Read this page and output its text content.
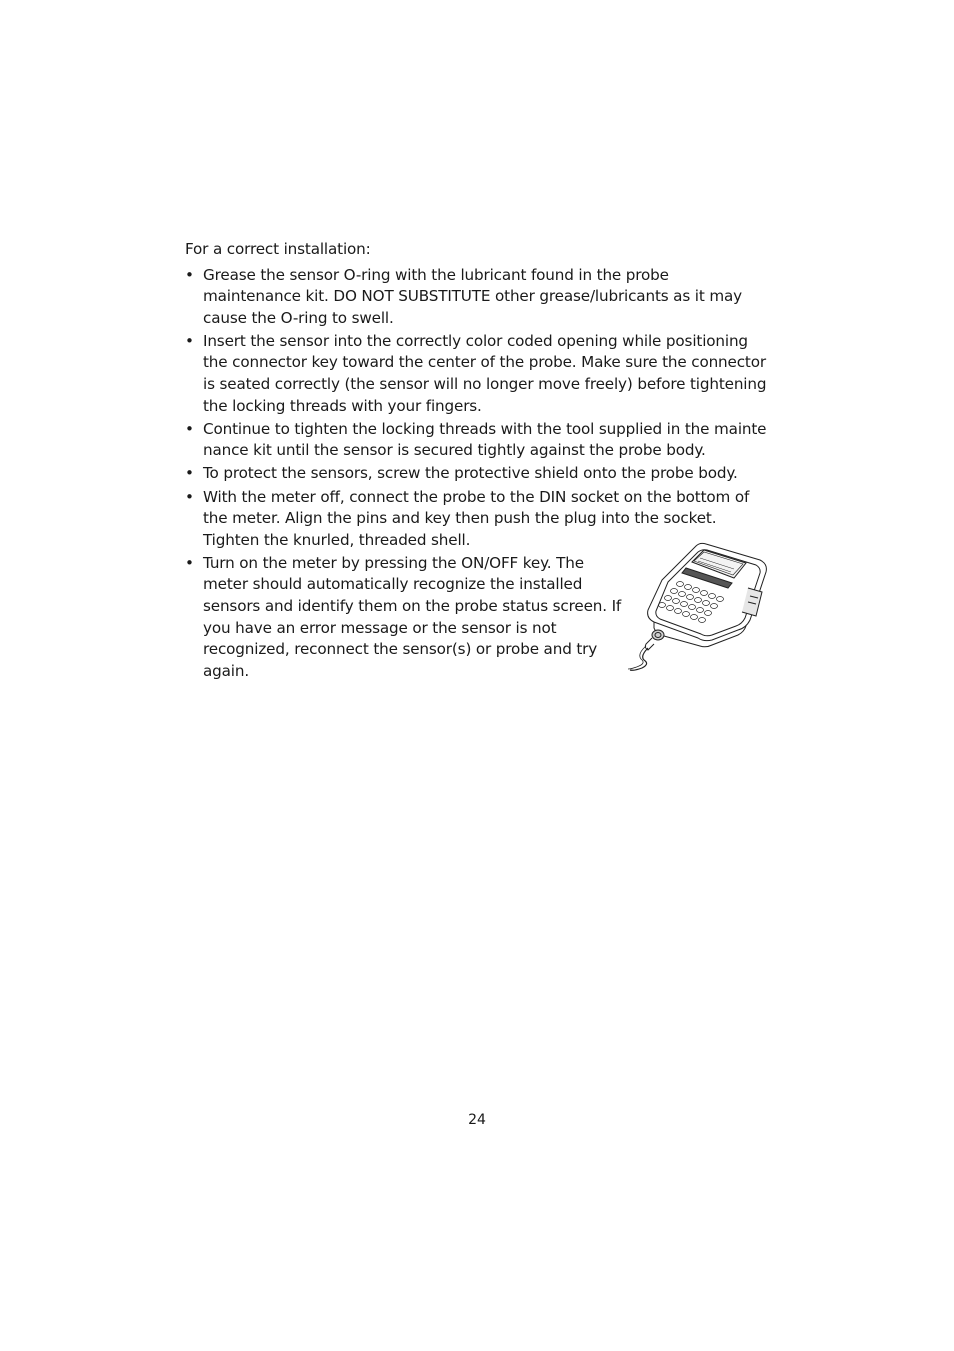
For a correct installation:

• Grease the sensor O-ring with the lubricant found in the probe maintenance kit. DO NOT SUBSTITUTE other grease/lubricants as it may cause the O-ring to swell.
• Insert the sensor into the correctly color coded opening while positioning the connector key toward the center of the probe. Make sure the connector is seated correctly (the sensor will no longer move freely) before tightening the locking threads with your fingers.
• Continue to tighten the locking threads with the tool supplied in the mainte nance kit until the sensor is secured tightly against the probe body.
• To protect the sensors, screw the protective shield onto the probe body.
• With the meter off, connect the probe to the DIN socket on the bottom of the meter. Align the pins and key then push the plug into the socket. Tighten the knurled, threaded shell.
• Turn on the meter by pressing the ON/OFF key. The meter should automatically recognize the installed sensors and identify them on the probe status screen. If you have an error message or the sensor is not recognized, reconnect the sensor(s) or probe and try again.
24
